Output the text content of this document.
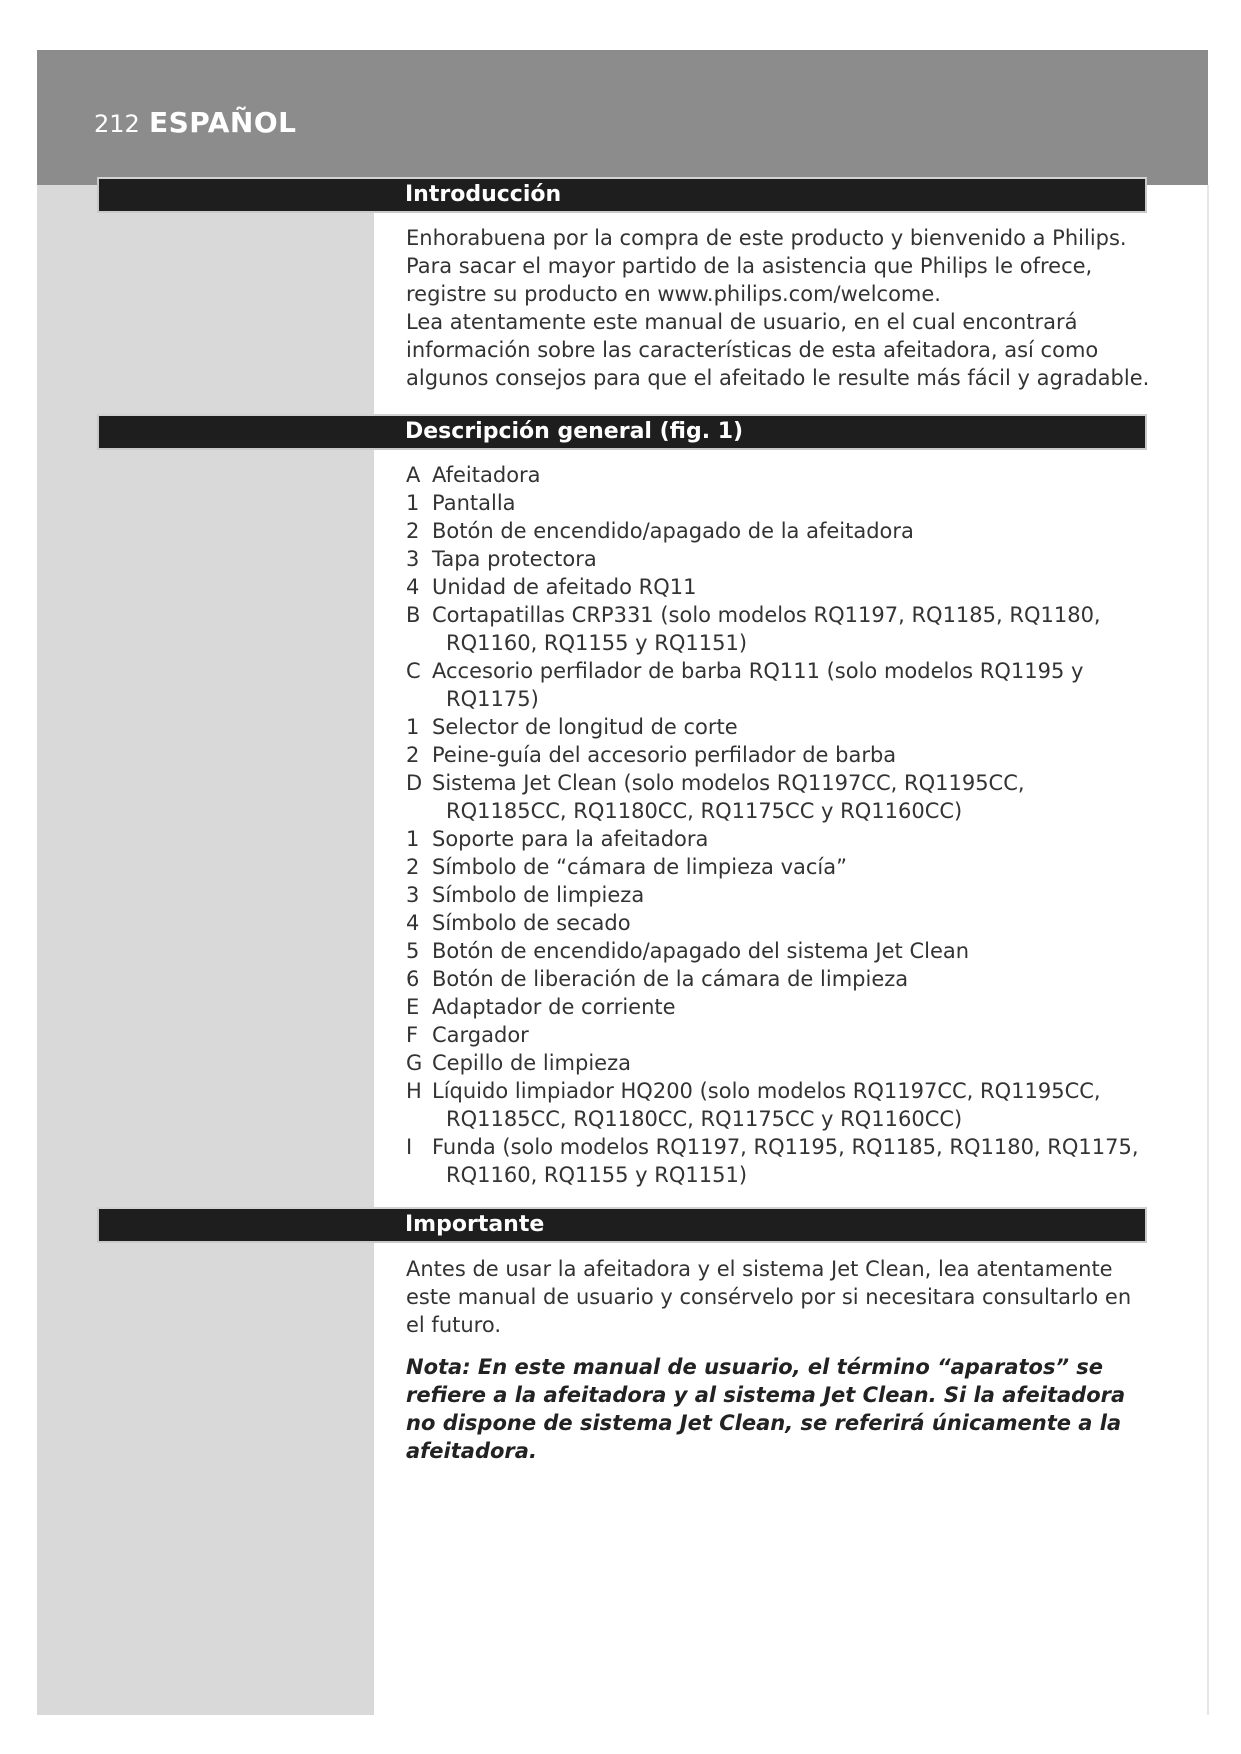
212 ESPAÑOL
Introducción

Enhorabuena por la compra de este producto y bienvenido a Philips. Para sacar el mayor partido de la asistencia que Philips le ofrece, registre su producto en www.philips.com/welcome.

Lea atentamente este manual de usuario, en el cual encontrará información sobre las características de esta afeitadora, así como algunos consejos para que el afeitado le resulte más fácil y agradable.

Descripción general (fig. 1)
A Afeitadora
1 Pantalla
2 Botón de encendido/apagado de la afeitadora
3 Tapa protectora
4 Unidad de afeitado RQ11
B Cortapatillas CRP331 (solo modelos RQ1197, RQ1185, RQ1180,
RQ1160, RQ1155 y RQ1151)
C Accesorio perfilador de barba RQ111 (solo modelos RQ1195 y
RQ1175)
1 Selector de longitud de corte
2 Peine-guía del accesorio perfilador de barba
D Sistema Jet Clean (solo modelos RQ1197CC, RQ1195CC,
RQ1185CC, RQ1180CC, RQ1175CC y RQ1160CC)
1 Soporte para la afeitadora
2 Símbolo de “cámara de limpieza vacía”
3 Símbolo de limpieza
4 Símbolo de secado
5 Botón de encendido/apagado del sistema Jet Clean
6 Botón de liberación de la cámara de limpieza
E Adaptador de corriente
F Cargador
G Cepillo de limpieza
H Líquido limpiador HQ200 (solo modelos RQ1197CC, RQ1195CC,
RQ1185CC, RQ1180CC, RQ1175CC y RQ1160CC)
I Funda (solo modelos RQ1197, RQ1195, RQ1185, RQ1180, RQ1175,
RQ1160, RQ1155 y RQ1151)
Importante

Antes de usar la afeitadora y el sistema Jet Clean, lea atentamente este manual de usuario y consérvelo por si necesitara consultarlo en el futuro.

Nota: En este manual de usuario, el término “aparatos” se refiere a la afeitadora y al sistema Jet Clean. Si la afeitadora no dispone de sistema Jet Clean, se referirá únicamente a la afeitadora.
